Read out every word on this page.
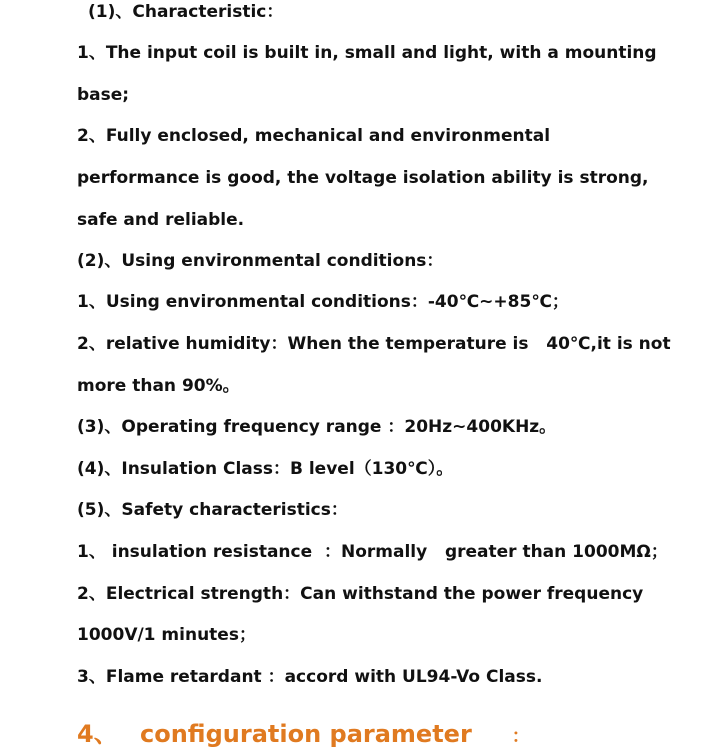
(1)、Characteristic：

1、The input coil is built in, small and light, with a mounting

base;

2、Fully enclosed, mechanical and environmental

performance is good, the voltage isolation ability is strong,

safe and reliable.

(2)、Using environmental conditions：

1、Using environmental conditions：-40℃~+85℃；

2、relative humidity：When the temperature is   40℃,it is not

more than 90%。

(3)、Operating frequency range ：20Hz~400KHz。

(4)、Insulation Class：B level（130℃）。

(5)、Safety characteristics：

1、 insulation resistance  ：Normally   greater than 1000MΩ；

2、Electrical strength：Can withstand the power frequency

1000V/1 minutes；

3、Flame retardant ：accord with UL94-Vo Class.

4、 configuration parameter ：
